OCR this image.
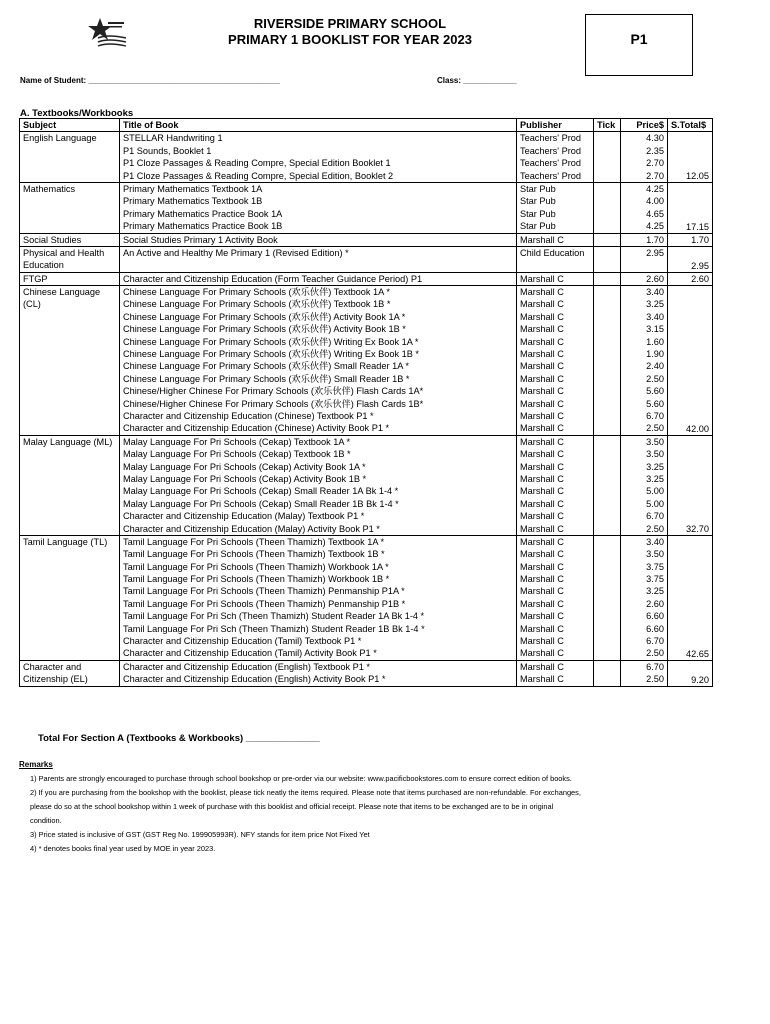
RIVERSIDE PRIMARY SCHOOL
PRIMARY 1 BOOKLIST FOR YEAR 2023	P1
Name of Student: ___________________________________________	Class: ____________
A. Textbooks/Workbooks
Subject	Title of Book	Publisher	Tick	Price$	S.Total$
English Language	STELLAR Handwriting 1	Teachers' Prod		4.30	12.05
	P1 Sounds, Booklet 1	Teachers' Prod		2.35	
	P1 Cloze Passages & Reading Compre, Special Edition Booklet 1	Teachers' Prod		2.70	
	P1 Cloze Passages & Reading Compre, Special Edition, Booklet 2	Teachers' Prod		2.70	
Mathematics	Primary Mathematics Textbook 1A	Star Pub		4.25	17.15
	Primary Mathematics Textbook 1B	Star Pub		4.00	
	Primary Mathematics Practice Book 1A	Star Pub		4.65	
	Primary Mathematics Practice Book 1B	Star Pub		4.25	
Social Studies	Social Studies Primary 1 Activity Book	Marshall C		1.70	1.70
Physical and Health Education	An Active and Healthy Me Primary 1 (Revised Edition) *	Child Education		2.95	2.95

FTGP	Character and Citizenship Education (Form Teacher Guidance Period) P1	Marshall C		2.60	2.60
Chinese Language (CL)	Chinese Language For Primary Schools (欢乐伙伴) Textbook 1A *	Marshall C		3.40	42.00
	Chinese Language For Primary Schools (欢乐伙伴) Textbook 1B *	Marshall C		3.25	
	Chinese Language For Primary Schools (欢乐伙伴) Activity Book 1A *	Marshall C		3.40	
	Chinese Language For Primary Schools (欢乐伙伴) Activity Book 1B *	Marshall C		3.15	
	Chinese Language For Primary Schools (欢乐伙伴) Writing Ex Book 1A *	Marshall C		1.60	
	Chinese Language For Primary Schools (欢乐伙伴) Writing Ex Book 1B *	Marshall C		1.90	
	Chinese Language For Primary Schools (欢乐伙伴) Small Reader 1A *	Marshall C		2.40	
	Chinese Language For Primary Schools (欢乐伙伴) Small Reader 1B *	Marshall C		2.50	
	Chinese/Higher Chinese For Primary Schools (欢乐伙伴) Flash Cards 1A*	Marshall C		5.60	
	Chinese/Higher Chinese For Primary Schools (欢乐伙伴) Flash Cards 1B*	Marshall C		5.60	
	Character and Citizenship Education (Chinese) Textbook P1 *	Marshall C		6.70	
	Character and Citizenship Education (Chinese) Activity Book P1 *	Marshall C		2.50	
Malay Language (ML)	Malay Language For Pri Schools (Cekap) Textbook 1A *	Marshall C		3.50	32.70
	Malay Language For Pri Schools (Cekap) Textbook 1B *	Marshall C		3.50	
	Malay Language For Pri Schools (Cekap) Activity Book 1A *	Marshall C		3.25	
	Malay Language For Pri Schools (Cekap) Activity Book 1B *	Marshall C		3.25	
	Malay Language For Pri Schools (Cekap) Small Reader 1A Bk 1-4 *	Marshall C		5.00	
	Malay Language For Pri Schools (Cekap) Small Reader 1B Bk 1-4 *	Marshall C		5.00	
	Character and Citizenship Education (Malay) Textbook P1 *	Marshall C		6.70	
	Character and Citizenship Education (Malay) Activity Book P1 *	Marshall C		2.50	
Tamil Language (TL)	Tamil Language For Pri Schools (Theen Thamizh) Textbook 1A *	Marshall C		3.40	42.65
	Tamil Language For Pri Schools (Theen Thamizh) Textbook 1B *	Marshall C		3.50	
	Tamil Language For Pri Schools (Theen Thamizh) Workbook 1A *	Marshall C		3.75	
	Tamil Language For Pri Schools (Theen Thamizh) Workbook 1B *	Marshall C		3.75	
	Tamil Language For Pri Schools (Theen Thamizh) Penmanship P1A *	Marshall C		3.25	
	Tamil Language For Pri Schools (Theen Thamizh) Penmanship P1B *	Marshall C		2.60	
	Tamil Language For Pri Sch (Theen Thamizh) Student Reader 1A Bk 1-4 *	Marshall C		6.60	
	Tamil Language For Pri Sch (Theen Thamizh) Student Reader 1B Bk 1-4 *	Marshall C		6.60	
	Character and Citizenship Education (Tamil) Textbook P1 *	Marshall C		6.70	
	Character and Citizenship Education (Tamil) Activity Book P1 *	Marshall C		2.50	
Character and Citizenship (EL)	Character and Citizenship Education (English) Textbook P1 *	Marshall C		6.70	9.20
	Character and Citizenship Education (English) Activity Book P1 *	Marshall C		2.50	
Total For Section A (Textbooks & Workbooks) ______________
Remarks
1) Parents are strongly encouraged to purchase through school bookshop or pre-order via our website: www.pacificbookstores.com to ensure correct edition of books.
2) If you are purchasing from the bookshop with the booklist, please tick neatly the items required. Please note that items purchased are non-refundable. For exchanges,
please do so at the school bookshop within 1 week of purchase with this booklist and official receipt. Please note that items to be exchanged are to be in original
condition.
3) Price stated is inclusive of GST (GST Reg No. 199905993R). NFY stands for item price Not Fixed Yet
4) * denotes books final year used by MOE in year 2023.
